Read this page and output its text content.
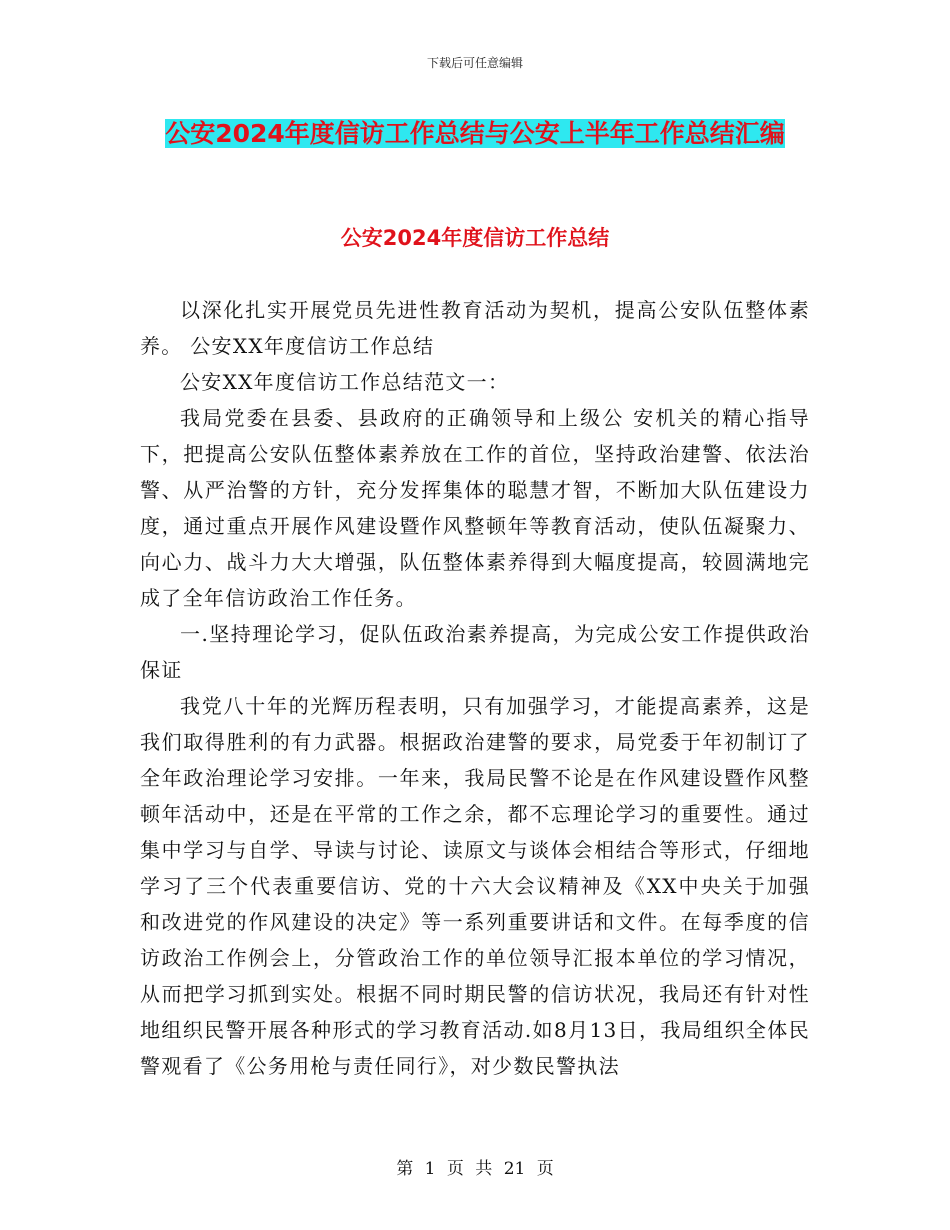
下载后可任意编辑
公安2024年度信访工作总结与公安上半年工作总结汇编
公安2024年度信访工作总结

以深化扎实开展党员先进性教育活动为契机，提高公安队伍整体素养。 公安XX年度信访工作总结

公安XX年度信访工作总结范文一：

我局党委在县委、县政府的正确领导和上级公 安机关的精心指导下，把提高公安队伍整体素养放在工作的首位，坚持政治建警、依法治警、从严治警的方针，充分发挥集体的聪慧才智，不断加大队伍建设力度，通过重点开展作风建设暨作风整顿年等教育活动，使队伍凝聚力、向心力、战斗力大大增强，队伍整体素养得到大幅度提高，较圆满地完成了全年信访政治工作任务。

一.坚持理论学习，促队伍政治素养提高，为完成公安工作提供政治保证

我党八十年的光辉历程表明，只有加强学习，才能提高素养，这是我们取得胜利的有力武器。根据政治建警的要求，局党委于年初制订了全年政治理论学习安排。一年来，我局民警不论是在作风建设暨作风整顿年活动中，还是在平常的工作之余，都不忘理论学习的重要性。通过集中学习与自学、导读与讨论、读原文与谈体会相结合等形式，仔细地学习了三个代表重要信访、党的十六大会议精神及《XX中央关于加强和改进党的作风建设的决定》等一系列重要讲话和文件。在每季度的信访政治工作例会上，分管政治工作的单位领导汇报本单位的学习情况，从而把学习抓到实处。根据不同时期民警的信访状况，我局还有针对性地组织民警开展各种形式的学习教育活动.如8月13日，我局组织全体民警观看了《公务用枪与责任同行》，对少数民警执法

第 1 页 共 21 页
